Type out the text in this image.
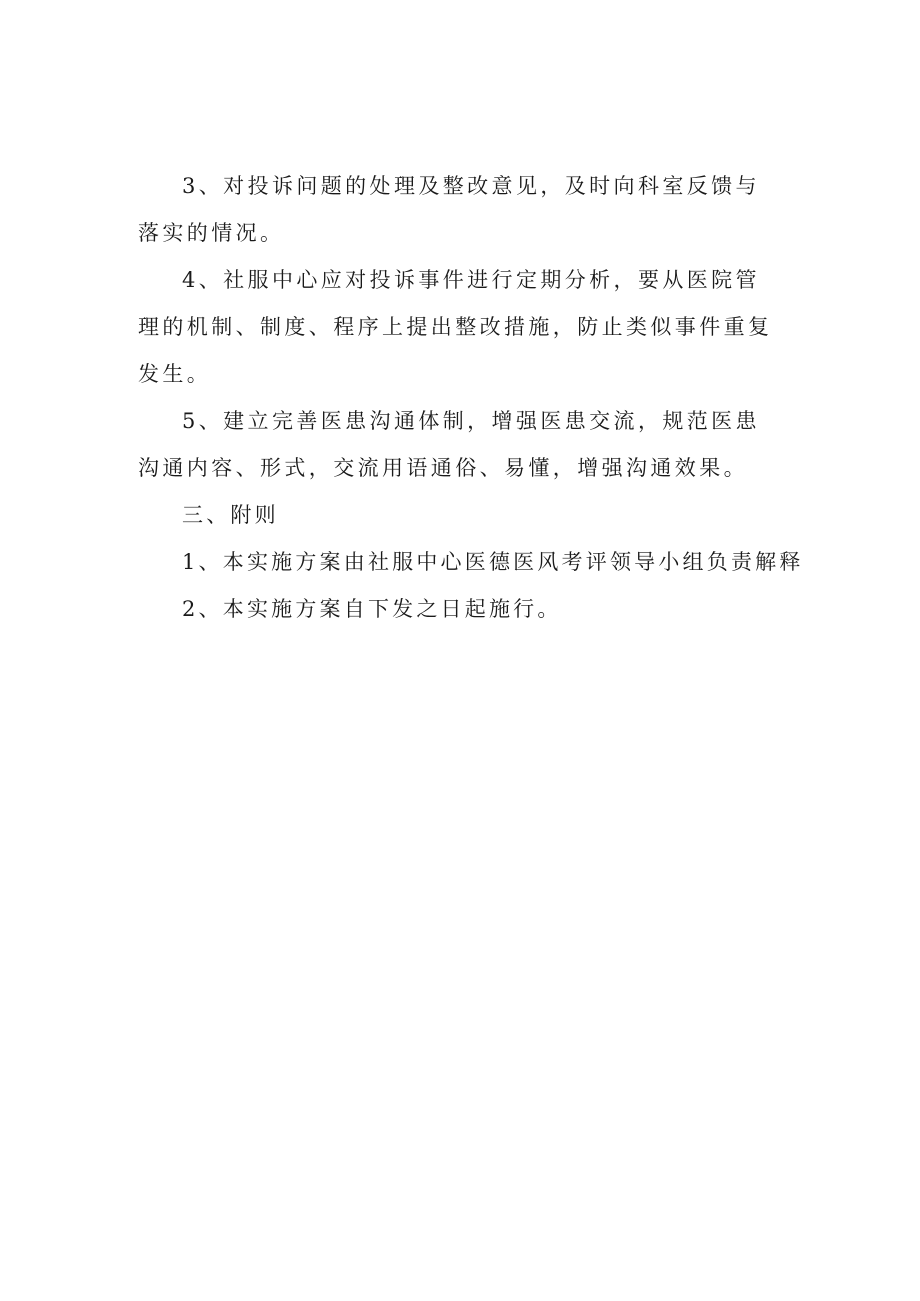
3、对投诉问题的处理及整改意见，及时向科室反馈与落实的情况。

4、社服中心应对投诉事件进行定期分析，要从医院管理的机制、制度、程序上提出整改措施，防止类似事件重复发生。

5、建立完善医患沟通体制，增强医患交流，规范医患沟通内容、形式，交流用语通俗、易懂，增强沟通效果。

三、附则

1、本实施方案由社服中心医德医风考评领导小组负责解释

2、本实施方案自下发之日起施行。
